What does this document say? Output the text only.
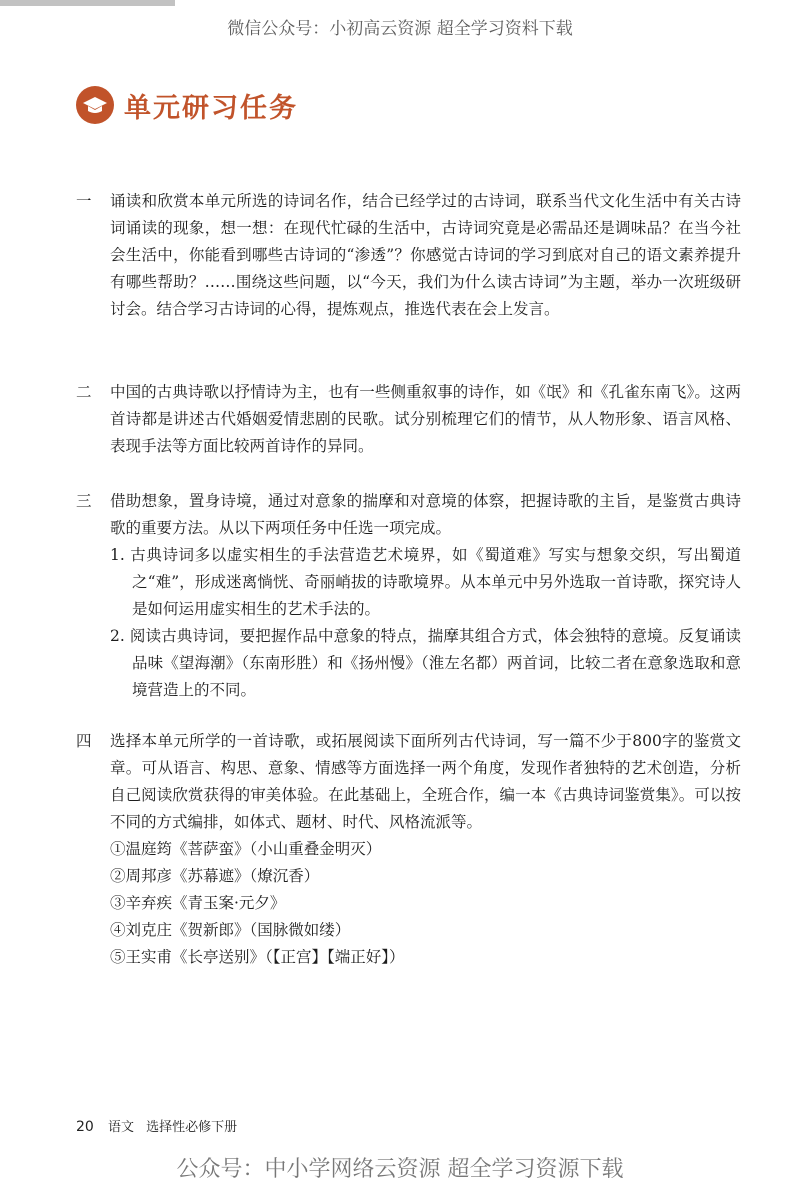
微信公众号：小初高云资源 超全学习资料下载
单元研习任务
一	诵读和欣赏本单元所选的诗词名作，结合已经学过的古诗词，联系当代文化生活中有关古诗词诵读的现象，想一想：在现代忙碌的生活中，古诗词究竟是必需品还是调味品？在当今社会生活中，你能看到哪些古诗词的“渗透”？你感觉古诗词的学习到底对自己的语文素养提升有哪些帮助？……围绕这些问题，以“今天，我们为什么读古诗词”为主题，举办一次班级研讨会。结合学习古诗词的心得，提炼观点，推选代表在会上发言。
二	中国的古典诗歌以抒情诗为主，也有一些侧重叙事的诗作，如《氓》和《孔雀东南飞》。这两首诗都是讲述古代婚姻爱情悲剧的民歌。试分别梳理它们的情节，从人物形象、语言风格、表现手法等方面比较两首诗作的异同。
三	借助想象，置身诗境，通过对意象的揣摩和对意境的体察，把握诗歌的主旨，是鉴赏古典诗歌的重要方法。从以下两项任务中任选一项完成。
1. 古典诗词多以虚实相生的手法营造艺术境界，如《蜀道难》写实与想象交织，写出蜀道之“难”，形成迷离惝恍、奇丽峭拔的诗歌境界。从本单元中另外选取一首诗歌，探究诗人是如何运用虚实相生的艺术手法的。
2. 阅读古典诗词，要把握作品中意象的特点，揣摩其组合方式，体会独特的意境。反复诵读品味《望海潮》（东南形胜）和《扬州慢》（淮左名都）两首词，比较二者在意象选取和意境营造上的不同。
四	选择本单元所学的一首诗歌，或拓展阅读下面所列古代诗词，写一篇不少于800字的鉴赏文章。可从语言、构思、意象、情感等方面选择一两个角度，发现作者独特的艺术创造，分析自己阅读欣赏获得的审美体验。在此基础上，全班合作，编一本《古典诗词鉴赏集》。可以按不同的方式编排，如体式、题材、时代、风格流派等。
①温庭筠《菩萨蛮》（小山重叠金明灭）
②周邦彦《苏幕遮》（燎沉香）
③辛弃疾《青玉案·元夕》
④刘克庄《贺新郎》（国脉微如缕）
⑤王实甫《长亭送别》（【正宫】【端正好】）
20 语文 选择性必修下册
公众号：中小学网络云资源 超全学习资源下载
